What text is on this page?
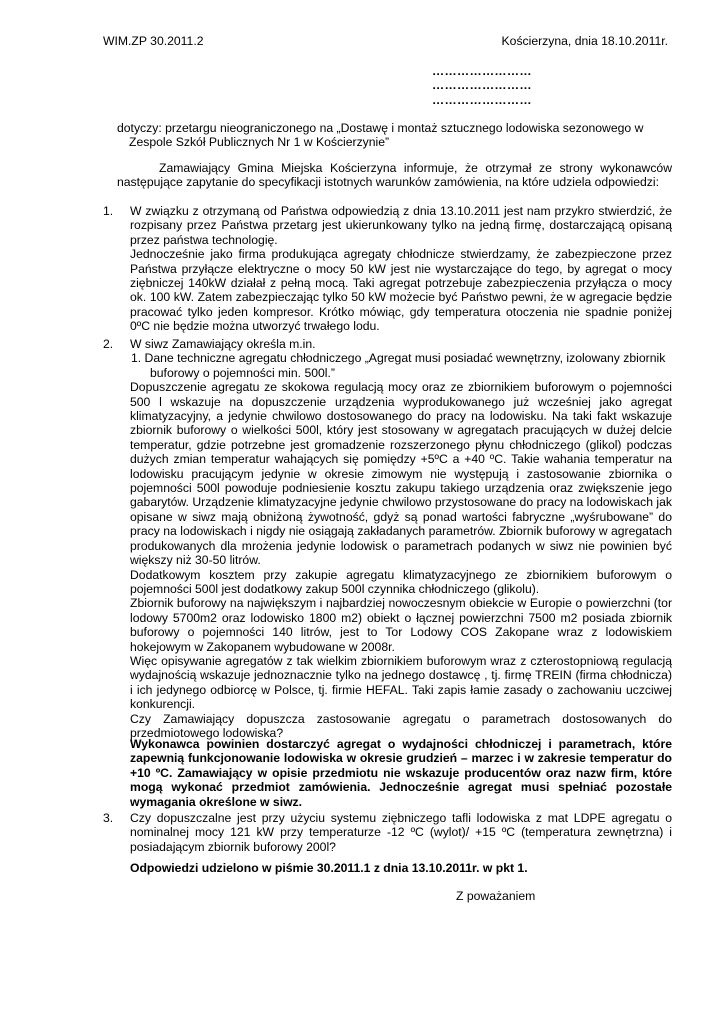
WIM.ZP 30.2011.2	Kościerzyna, dnia 18.10.2011r.
……………………
……………………
……………………

dotyczy: przetargu nieograniczonego na „Dostawę i montaż sztucznego lodowiska sezonowego w

Zespole Szkół Publicznych Nr 1 w Kościerzynie”

Zamawiający Gmina Miejska Kościerzyna informuje, że otrzymał ze strony wykonawców następujące zapytanie do specyfikacji istotnych warunków zamówienia, na które udziela odpowiedzi:

1. W związku z otrzymaną od Państwa odpowiedzią z dnia 13.10.2011 jest nam przykro stwierdzić, że rozpisany przez Państwa przetarg jest ukierunkowany tylko na jedną firmę, dostarczającą opisaną przez państwa technologię.

Jednocześnie jako firma produkująca agregaty chłodnicze stwierdzamy, że zabezpieczone przez Państwa przyłącze elektryczne o mocy 50 kW jest nie wystarczające do tego, by agregat o mocy ziębniczej 140kW działał z pełną mocą. Taki agregat potrzebuje zabezpieczenia przyłącza o mocy ok. 100 kW. Zatem zabezpieczając tylko 50 kW możecie być Państwo pewni, że w agregacie będzie pracować tylko jeden kompresor. Krótko mówiąc, gdy temperatura otoczenia nie spadnie poniżej 0ºC nie będzie można utworzyć trwałego lodu.

2. W siwz Zamawiający określa m.in.

1. Dane techniczne agregatu chłodniczego „Agregat musi posiadać wewnętrzny, izolowany zbiornik

buforowy o pojemności min. 500l.”

Dopuszczenie agregatu ze skokowa regulacją mocy oraz ze zbiornikiem buforowym o pojemności 500 l wskazuje na dopuszczenie urządzenia wyprodukowanego już wcześniej jako agregat klimatyzacyjny, a jedynie chwilowo dostosowanego do pracy na lodowisku. Na taki fakt wskazuje zbiornik buforowy o wielkości 500l, który jest stosowany w agregatach pracujących w dużej delcie temperatur, gdzie potrzebne jest gromadzenie rozszerzonego płynu chłodniczego (glikol) podczas dużych zmian temperatur wahających się pomiędzy +5ºC a +40 ºC. Takie wahania temperatur na lodowisku pracującym jedynie w okresie zimowym nie występują i zastosowanie zbiornika o pojemności 500l powoduje podniesienie kosztu zakupu takiego urządzenia oraz zwiększenie jego gabarytów. Urządzenie klimatyzacyjne jedynie chwilowo przystosowane do pracy na lodowiskach jak opisane w siwz mają obniżoną żywotność, gdyż są ponad wartości fabryczne „wyśrubowane” do pracy na lodowiskach i nigdy nie osiągają zakładanych parametrów. Zbiornik buforowy w agregatach produkowanych dla mrożenia jedynie lodowisk o parametrach podanych w siwz nie powinien być większy niż 30-50 litrów.

Dodatkowym kosztem przy zakupie agregatu klimatyzacyjnego ze zbiornikiem buforowym o pojemności 500l jest dodatkowy zakup 500l czynnika chłodniczego (glikolu).

Zbiornik buforowy na największym i najbardziej nowoczesnym obiekcie w Europie o powierzchni (tor lodowy 5700m2 oraz lodowisko 1800 m2) obiekt o łącznej powierzchni 7500 m2 posiada zbiornik buforowy o pojemności 140 litrów, jest to Tor Lodowy COS Zakopane wraz z lodowiskiem hokejowym w Zakopanem wybudowane w 2008r.

Więc opisywanie agregatów z tak wielkim zbiornikiem buforowym wraz z czterostopniową regulacją wydajnością wskazuje jednoznacznie tylko na jednego dostawcę , tj. firmę TREIN (firma chłodnicza) i ich jedynego odbiorcę w Polsce, tj. firmie HEFAL. Taki zapis łamie zasady o zachowaniu uczciwej konkurencji.

Czy Zamawiający dopuszcza zastosowanie agregatu o parametrach dostosowanych do przedmiotowego lodowiska?

Wykonawca powinien dostarczyć agregat o wydajności chłodniczej i parametrach, które zapewnią funkcjonowanie lodowiska w okresie grudzień – marzec i w zakresie temperatur do +10 ºC. Zamawiający w opisie przedmiotu nie wskazuje producentów oraz nazw firm, które mogą wykonać przedmiot zamówienia. Jednocześnie agregat musi spełniać pozostałe wymagania określone w siwz.

3. Czy dopuszczalne jest przy użyciu systemu ziębniczego tafli lodowiska z mat LDPE agregatu o nominalnej mocy 121 kW przy temperaturze -12 ºC (wylot)/ +15 ºC (temperatura zewnętrzna) i posiadającym zbiornik buforowy 200l?

Odpowiedzi udzielono w piśmie 30.2011.1 z dnia 13.10.2011r. w pkt 1.

Z poważaniem
